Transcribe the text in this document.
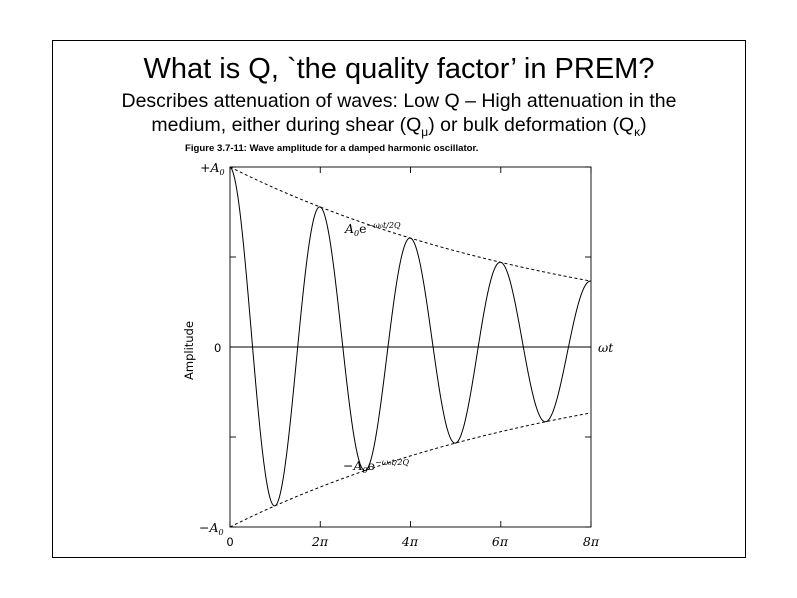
What is Q, `the quality factor’ in PREM?
Describes attenuation of waves: Low Q – High attenuation in the
medium, either during shear $(Q_\mu)$ or bulk deformation $(Q_\kappa)$
Figure 3.7-11: Wave amplitude for a damped harmonic oscillator.
Amplitude
$+A_0$
0
$-A_0$
0	2π	4π	6π	8π
ωt
$A_0e^{-\omega_0t/2Q}$
$-A_0e^{-\omega_0t/2Q}$
